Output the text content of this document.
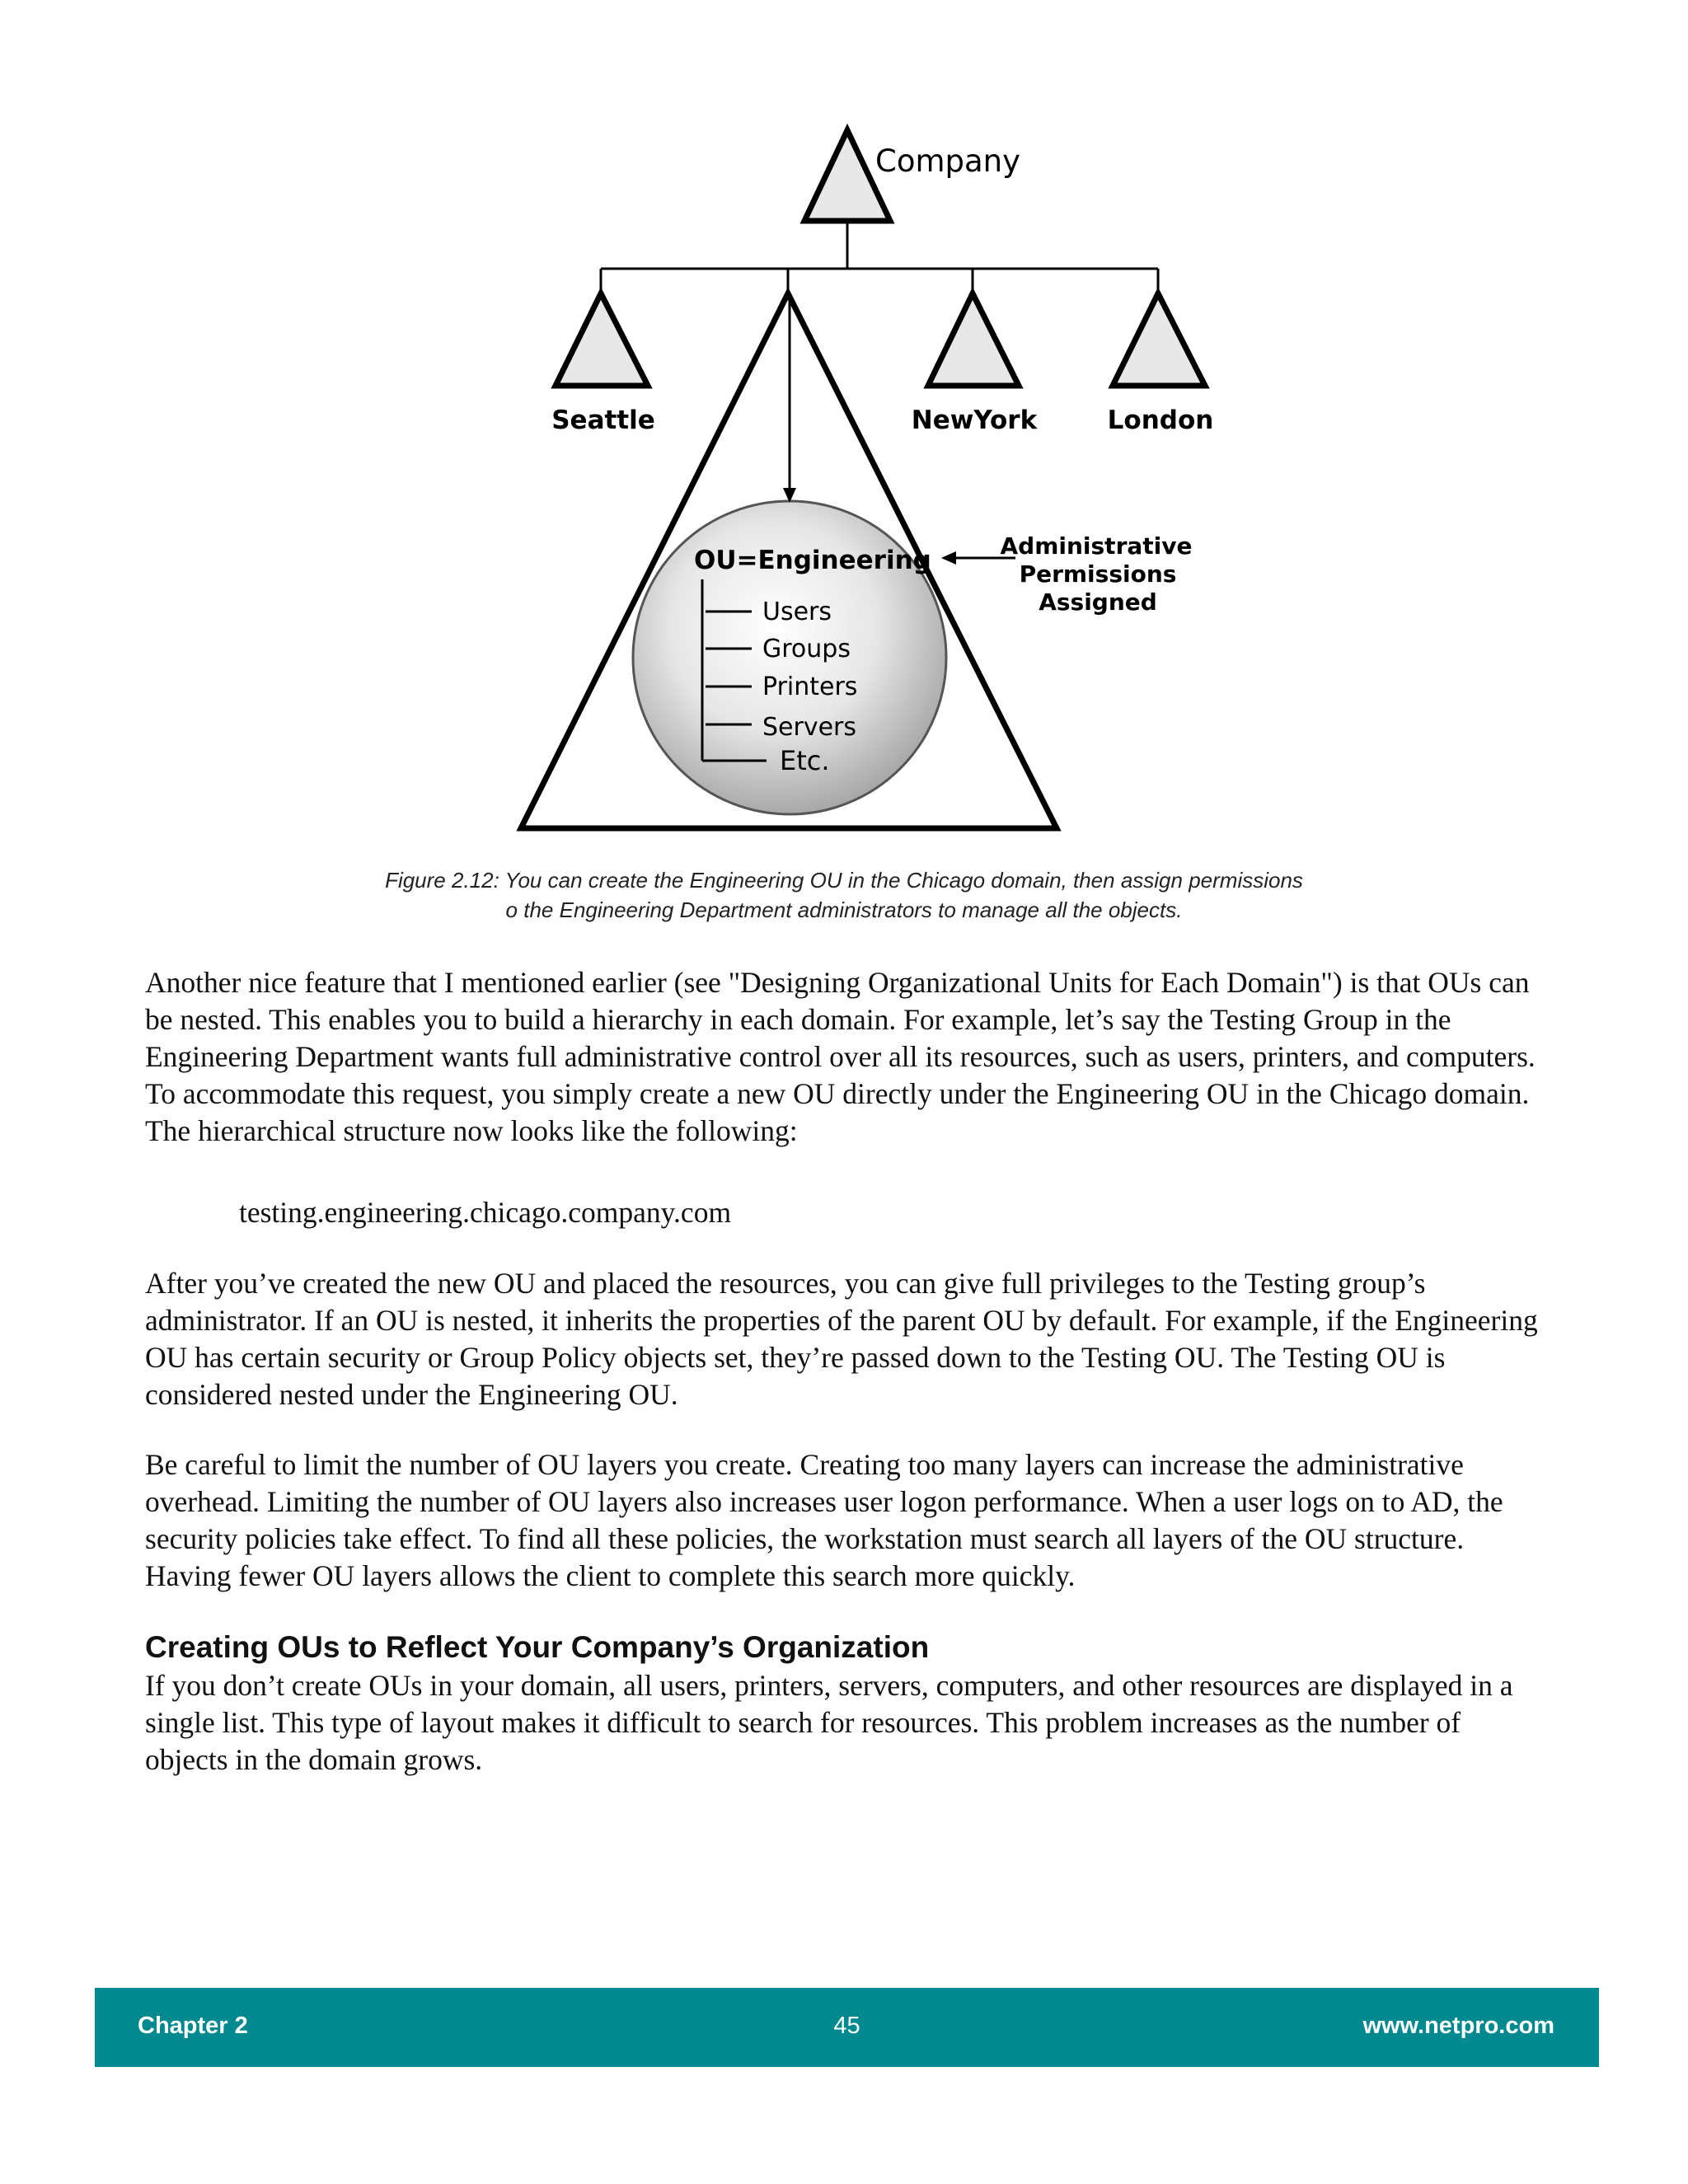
Company
Seattle	NewYork	London
OU=Engineering
Users
Groups
Printers
Servers
Etc.
Administrative
Permissions
Assigned
Figure 2.12: You can create the Engineering OU in the Chicago domain, then assign permissions
o the Engineering Department administrators to manage all the objects.
Another nice feature that I mentioned earlier (see "Designing Organizational Units for Each Domain") is that OUs can be nested. This enables you to build a hierarchy in each domain. For example, let’s say the Testing Group in the Engineering Department wants full administrative control over all its resources, such as users, printers, and computers. To accommodate this request, you simply create a new OU directly under the Engineering OU in the Chicago domain. The hierarchical structure now looks like the following:
testing.engineering.chicago.company.com
After you’ve created the new OU and placed the resources, you can give full privileges to the Testing group’s administrator. If an OU is nested, it inherits the properties of the parent OU by default. For example, if the Engineering OU has certain security or Group Policy objects set, they’re passed down to the Testing OU. The Testing OU is considered nested under the Engineering OU.
Be careful to limit the number of OU layers you create. Creating too many layers can increase the administrative overhead. Limiting the number of OU layers also increases user logon performance. When a user logs on to AD, the security policies take effect. To find all these policies, the workstation must search all layers of the OU structure. Having fewer OU layers allows the client to complete this search more quickly.
Creating OUs to Reflect Your Company’s Organization
If you don’t create OUs in your domain, all users, printers, servers, computers, and other resources are displayed in a single list. This type of layout makes it difficult to search for resources. This problem increases as the number of objects in the domain grows.
Chapter 2	45	www.netpro.com
